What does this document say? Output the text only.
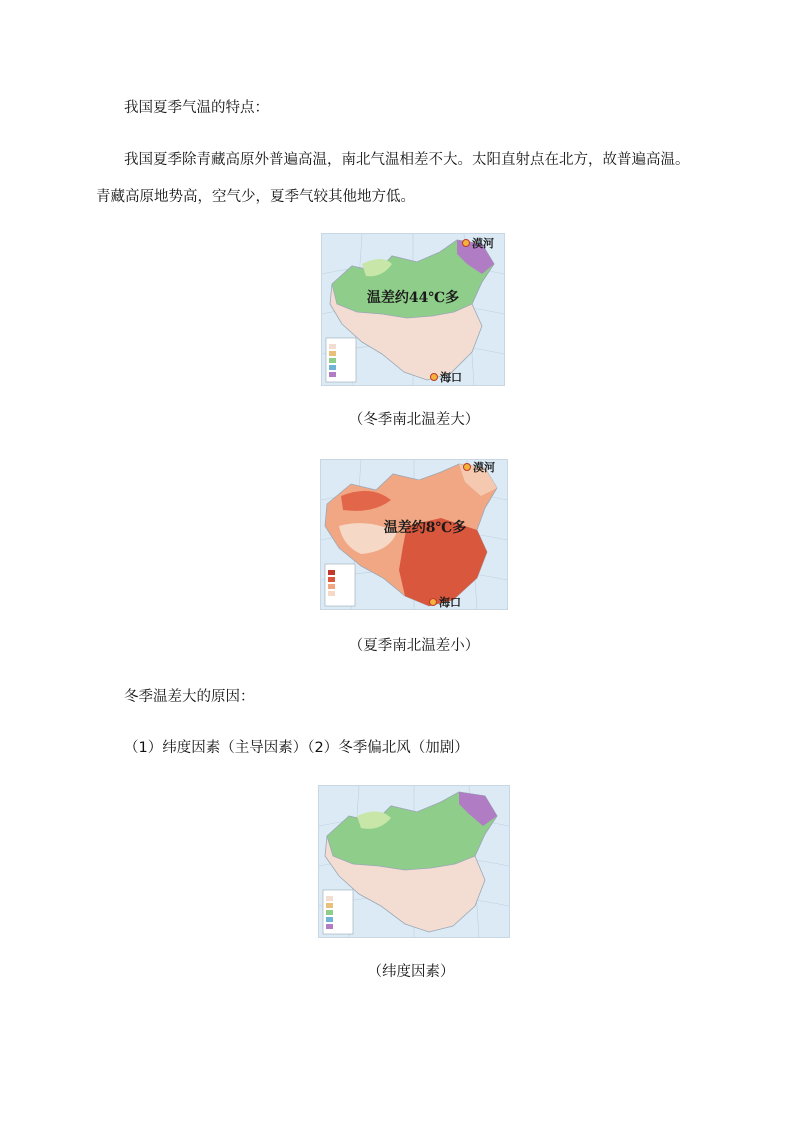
我国夏季气温的特点：
我国夏季除青藏高原外普遍高温，南北气温相差不大。太阳直射点在北方，故普遍高温。
青藏高原地势高，空气少，夏季气较其他地方低。
漠河
温差约44℃多
海口
（冬季南北温差大）
漠河
温差约8℃多
海口
（夏季南北温差小）
冬季温差大的原因：
（1）纬度因素（主导因素）（2）冬季偏北风（加剧）
（纬度因素）
